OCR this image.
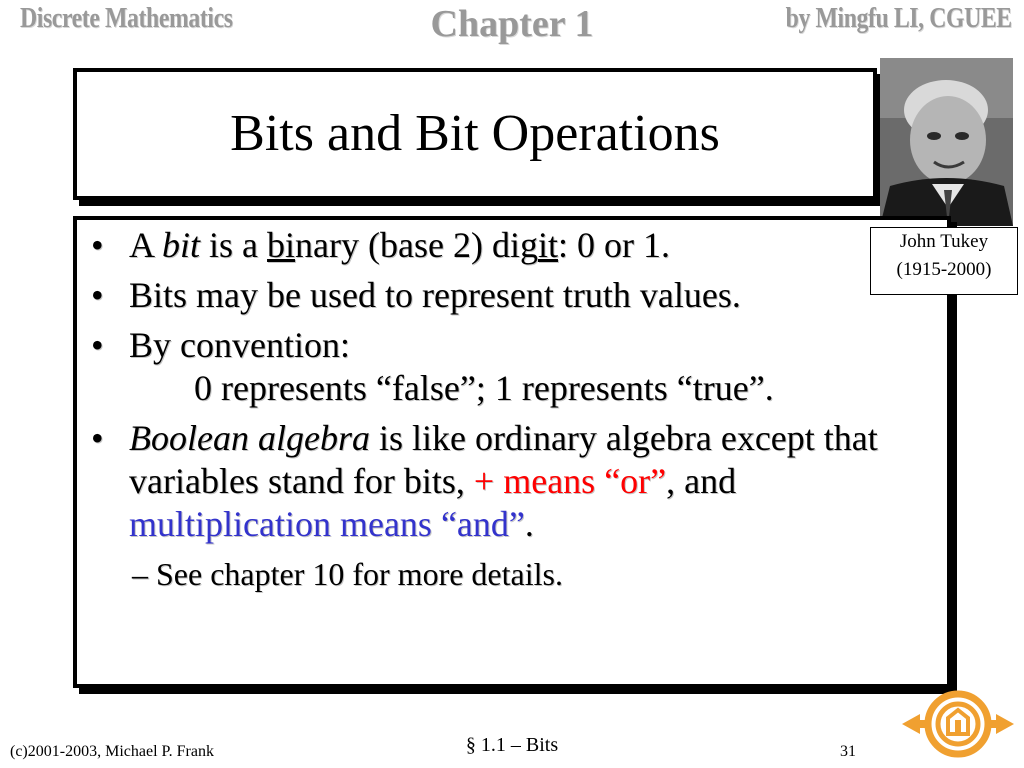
Discrete Mathematics	Chapter 1	by Mingfu LI, CGUEE
Bits and Bit Operations
John Tukey
(1915-2000)
• A bit is a binary (base 2) digit: 0 or 1.
• Bits may be used to represent truth values.
• By convention:
0 represents “false”; 1 represents “true”.
• Boolean algebra is like ordinary algebra except that variables stand for bits, + means “or”, and multiplication means “and”.
– See chapter 10 for more details.
(c)2001-2003, Michael P. Frank	§ 1.1 – Bits	31
